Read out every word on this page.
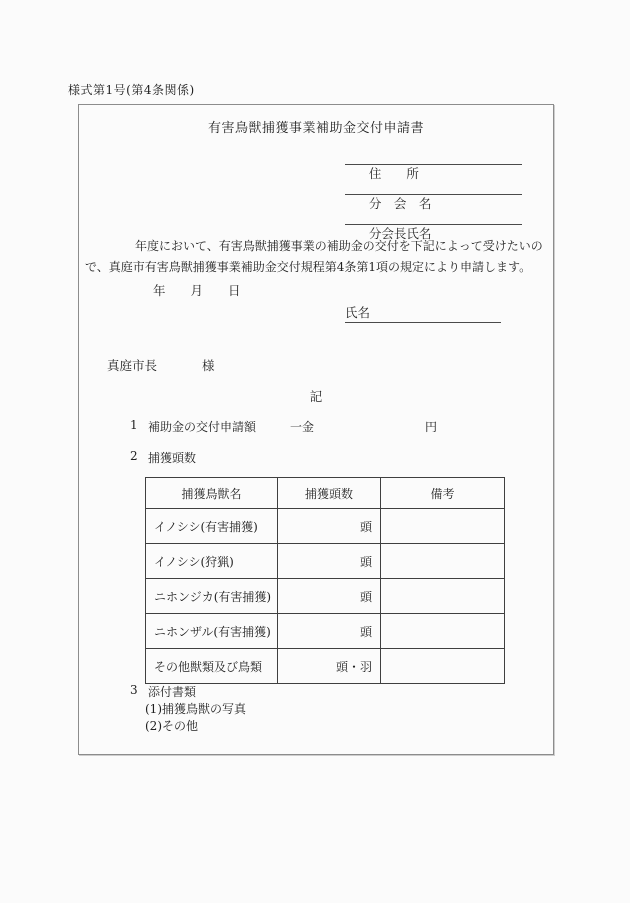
様式第1号(第4条関係)
有害鳥獣捕獲事業補助金交付申請書

住　　所

分　会　名

分会長氏名

年度において、有害鳥獣捕獲事業の補助金の交付を下記によって受けたいの
で、真庭市有害鳥獣捕獲事業補助金交付規程第4条第1項の規定により申請します。
年　　月　　日
氏名
真庭市長	様
記
1 補助金の交付申請額	一金	円
2 捕獲頭数
捕獲鳥獣名	捕獲頭数	備考
イノシシ(有害捕獲)	頭	
イノシシ(狩猟)	頭	
ニホンジカ(有害捕獲)	頭	
ニホンザル(有害捕獲)	頭	
その他獣類及び鳥類	頭・羽	
3 添付書類
(1)捕獲鳥獣の写真
(2)その他
